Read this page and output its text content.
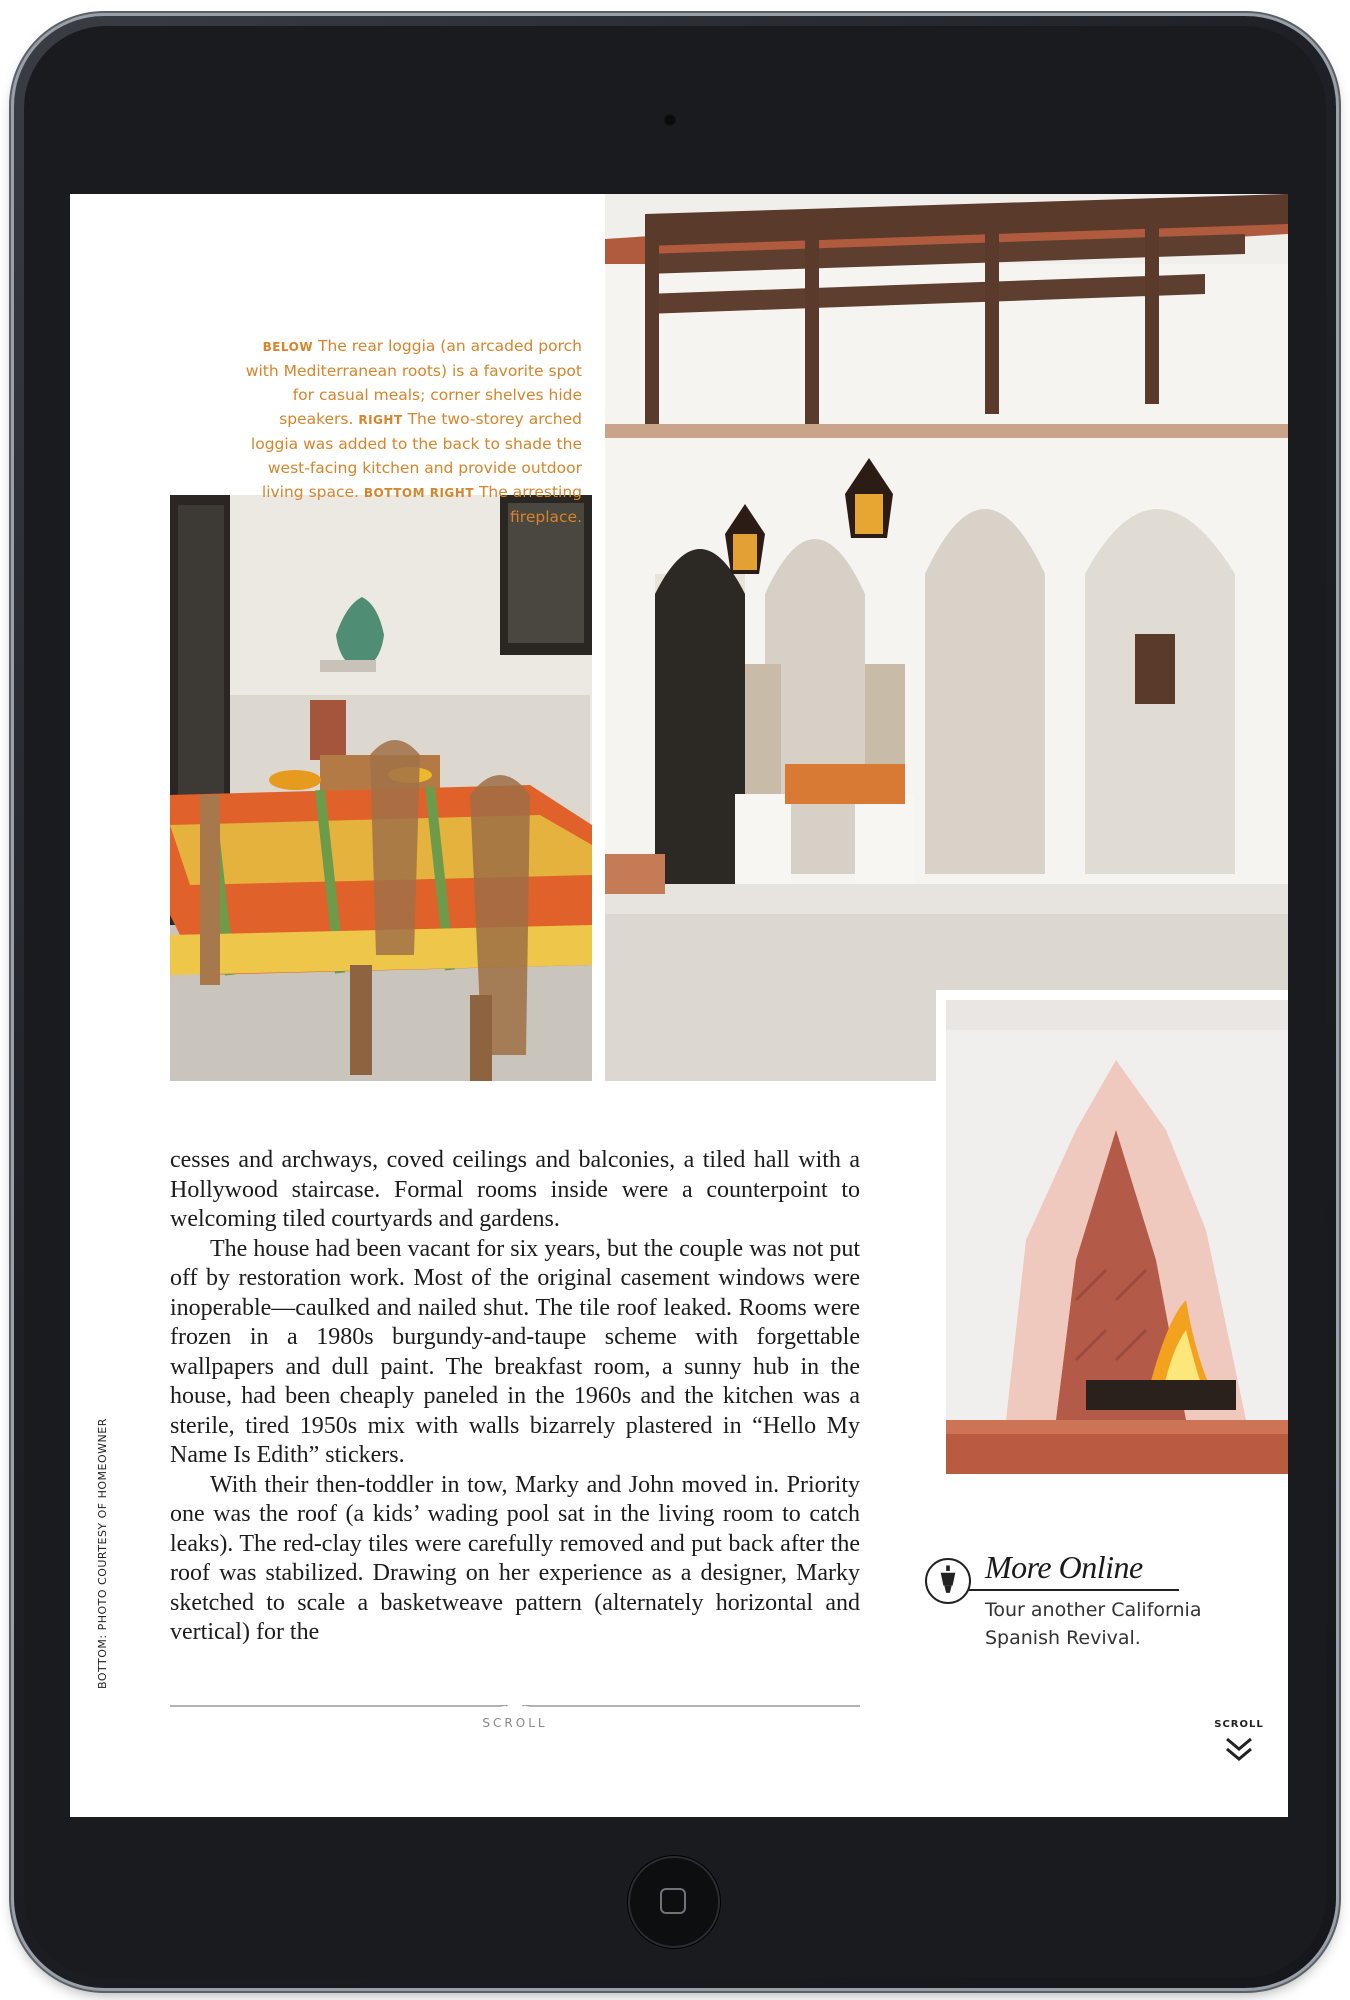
BELOW The rear loggia (an arcaded porch with Mediterranean roots) is a favorite spot for casual meals; corner shelves hide speakers. RIGHT The two-storey arched loggia was added to the back to shade the west-facing kitchen and provide outdoor living space. BOTTOM RIGHT The arresting fireplace.

cesses and archways, coved ceilings and balconies, a tiled hall with a Hollywood staircase. Formal rooms inside were a counterpoint to welcoming tiled courtyards and gardens.

The house had been vacant for six years, but the couple was not put off by restoration work. Most of the original casement windows were inoperable—caulked and nailed shut. The tile roof leaked. Rooms were frozen in a 1980s burgundy-and-taupe scheme with forgettable wallpapers and dull paint. The breakfast room, a sunny hub in the house, had been cheaply paneled in the 1960s and the kitchen was a sterile, tired 1950s mix with walls bizarrely plastered in “Hello My Name Is Edith” stickers.

With their then-toddler in tow, Marky and John moved in. Priority one was the roof (a kids’ wading pool sat in the living room to catch leaks). The red-clay tiles were carefully removed and put back after the roof was stabilized. Drawing on her experience as a designer, Marky sketched to scale a basketweave pattern (alternately horizontal and vertical) for the

BOTTOM: PHOTO COURTESY OF HOMEOWNER
SCROLL
More Online
Tour another California Spanish Revival.
SCROLL
